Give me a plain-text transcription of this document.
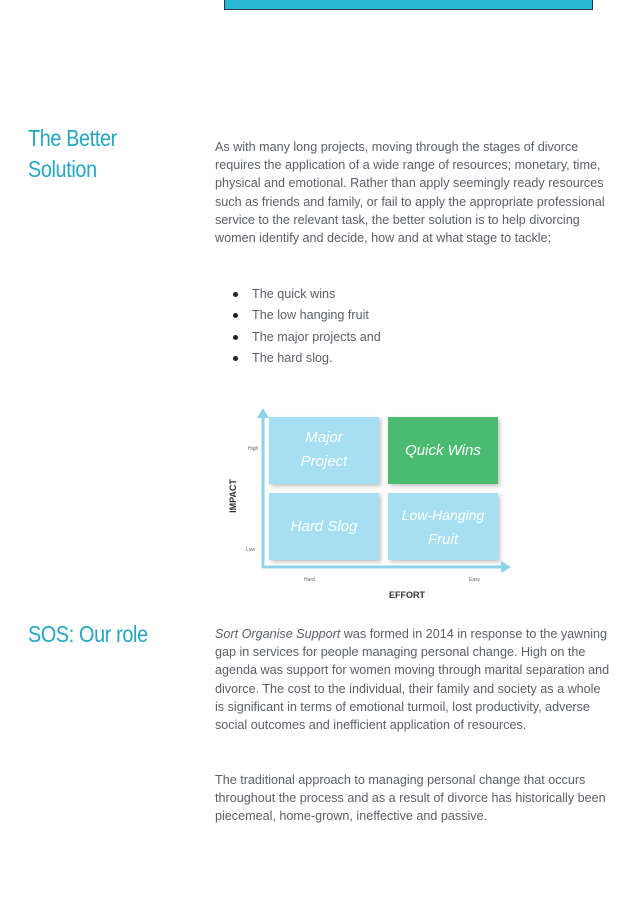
The Better
Solution

As with many long projects, moving through the stages of divorce requires the application of a wide range of resources; monetary, time, physical and emotional. Rather than apply seemingly ready resources such as friends and family, or fail to apply the appropriate professional service to the relevant task, the better solution is to help divorcing women identify and decide, how and at what stage to tackle;

The quick wins
The low hanging fruit
The major projects and
The hard slog.
Major
Project
Quick Wins
Hard Slog
Low-Hanging
Fruit
High
Low
Hard	Easy
IMPACT
EFFORT
SOS: Our role	Sort Organise Support was formed in 2014 in response to the yawning gap in services for people managing personal change. High on the agenda was support for women moving through marital separation and divorce. The cost to the individual, their family and society as a whole is significant in terms of emotional turmoil, lost productivity, adverse social outcomes and inefficient application of resources.

The traditional approach to managing personal change that occurs throughout the process and as a result of divorce has historically been piecemeal, home-grown, ineffective and passive.
